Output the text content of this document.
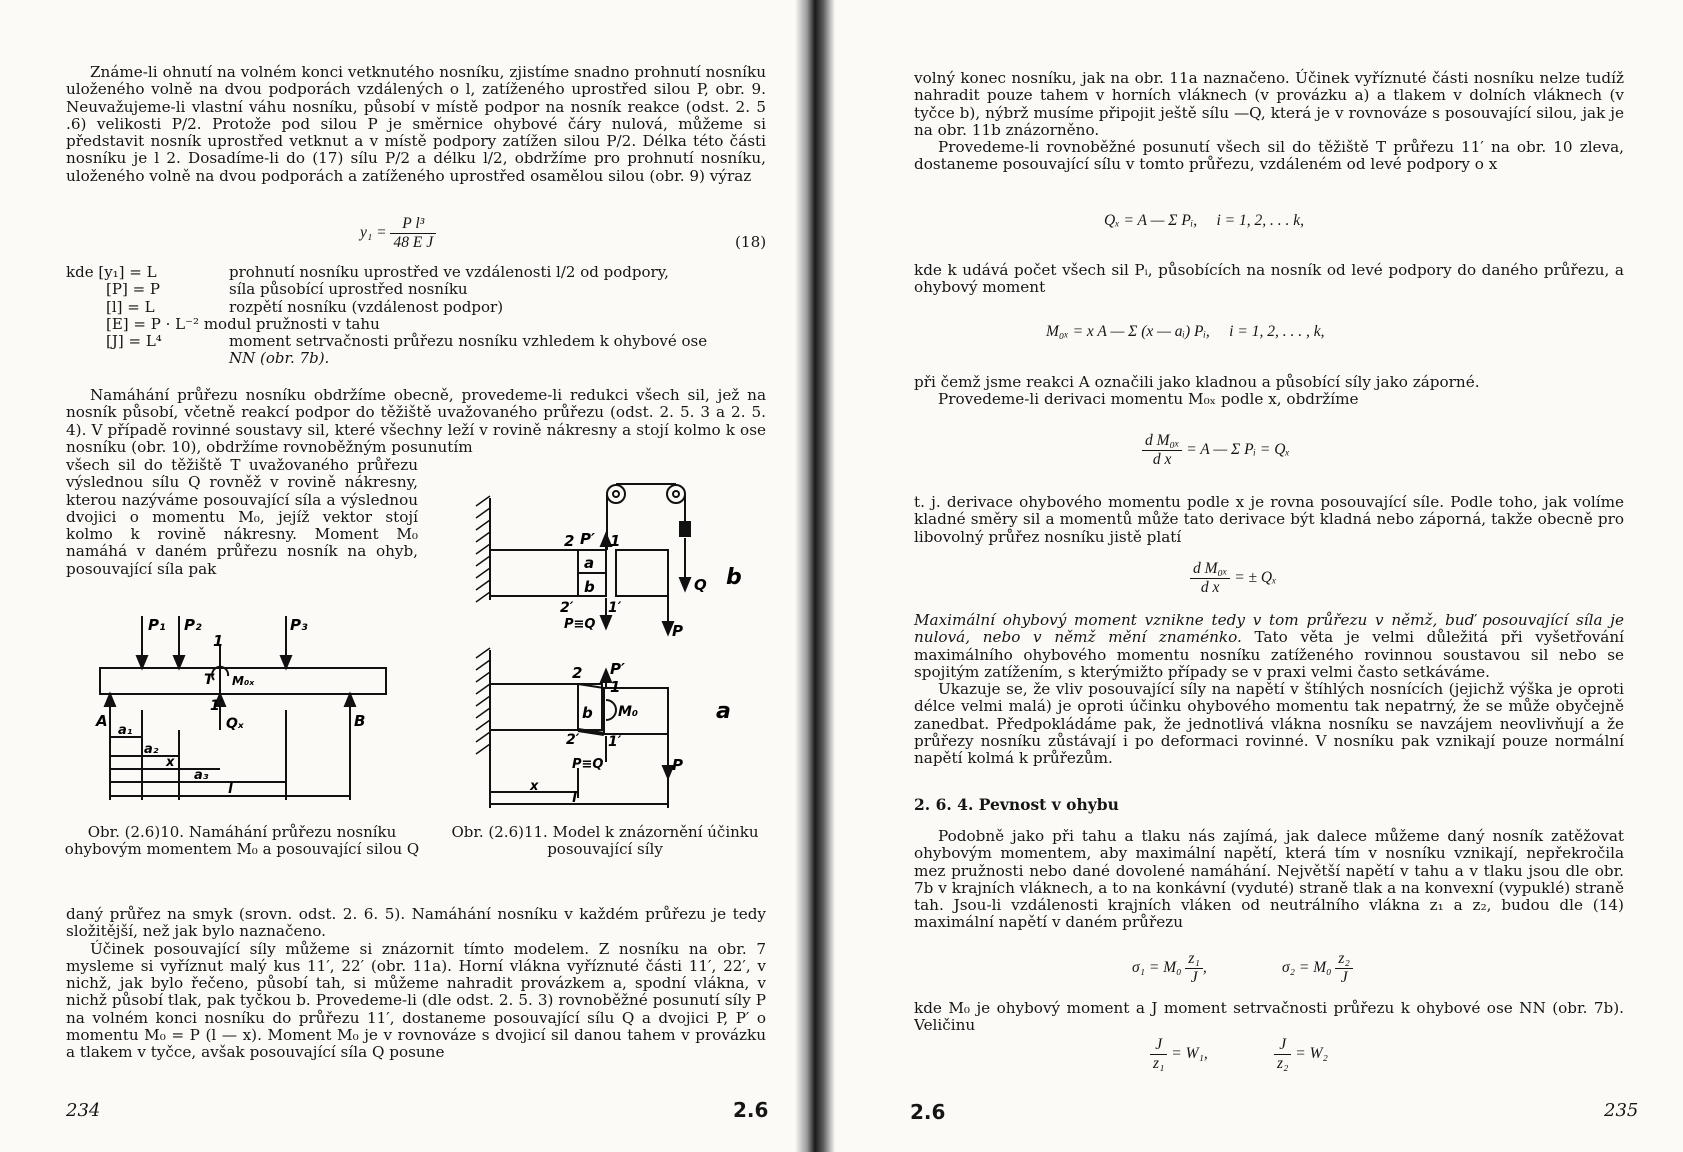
Známe-li ohnutí na volném konci vetknutého nosníku, zjistíme snadno prohnutí nosníku uloženého volně na dvou podporách vzdálených o l, zatíženého uprostřed silou P, obr. 9. Neuvažujeme-li vlastní váhu nosníku, působí v místě podpor na nosník reakce (odst. 2. 5 .6) velikosti P/2. Protože pod silou P je směrnice ohybové čáry nulová, můžeme si představit nosník uprostřed vetknut a v místě podpory zatížen silou P/2. Délka této části nosníku je l 2. Dosadíme-li do (17) sílu P/2 a délku l/2, obdržíme pro prohnutí nosníku, uloženého volně na dvou podporách a zatíženého uprostřed osamělou silou (obr. 9) výraz

$y_1 = \frac{\text{P l³}}{\text{48 E J}}$	(18)
kde [y₁] = L	prohnutí nosníku uprostřed ve vzdálenosti l/2 od podpory,
[P] = P	síla působící uprostřed nosníku
[l] = L	rozpětí nosníku (vzdálenost podpor)
[E] = P · L⁻² modul pružnosti v tahu
[J] = L⁴	moment setrvačnosti průřezu nosníku vzhledem k ohybové ose
NN (obr. 7b).

Namáhání průřezu nosníku obdržíme obecně, provedeme-li redukci všech sil, jež na nosník působí, včetně reakcí podpor do těžiště uvažovaného průřezu (odst. 2. 5. 3 a 2. 5. 4). V případě rovinné soustavy sil, které všechny leží v rovině nákresny a stojí kolmo k ose nosníku (obr. 10), obdržíme rovnoběžným posunutím

všech sil do těžiště T uvažovaného průřezu výslednou sílu Q rovněž v rovině nákresny, kterou nazýváme posouvající síla a výslednou dvojici o momentu M₀, jejíž vektor stojí kolmo k rovině nákresny. Moment M₀ namáhá v daném průřezu nosník na ohyb, posouvající síla pak

P₁ P₂	P₃
1
1′
T M₀ₓ
Qₓ
A	B
a₁
a₂
x
a₃
l
2 P′ 1
a
b
2′ 1′
P≡Q
Q b
P
2 P′
1
b M₀
2′ 1′
P≡Q
a
P
x
l
Obr. (2.6)10. Namáhání průřezu nosníku ohybovým momentem M₀ a posouvající silou Q
Obr. (2.6)11. Model k znázornění účinku posouvající síly

daný průřez na smyk (srovn. odst. 2. 6. 5). Namáhání nosníku v každém průřezu je tedy složitější, než jak bylo naznačeno.

Účinek posouvající síly můžeme si znázornit tímto modelem. Z nosníku na obr. 7 mysleme si vyříznut malý kus 11′, 22′ (obr. 11a). Horní vlákna vyříznuté části 11′, 22′, v nichž, jak bylo řečeno, působí tah, si můžeme nahradit provázkem a, spodní vlákna, v nichž působí tlak, pak tyčkou b. Provedeme-li (dle odst. 2. 5. 3) rovnoběžné posunutí síly P na volném konci nosníku do průřezu 11′, dostaneme posouvající sílu Q a dvojici P, P′ o momentu M₀ = P (l — x). Moment M₀ je v rovnováze s dvojicí sil danou tahem v provázku a tlakem v tyčce, avšak posouvající síla Q posune

234	2.6

volný konec nosníku, jak na obr. 11a naznačeno. Účinek vyříznuté části nosníku nelze tudíž nahradit pouze tahem v horních vláknech (v provázku a) a tlakem v dolních vláknech (v tyčce b), nýbrž musíme připojit ještě sílu —Q, která je v rovnováze s posouvající silou, jak je na obr. 11b znázorněno.

Provedeme-li rovnoběžné posunutí všech sil do těžiště T průřezu 11′ na obr. 10 zleva, dostaneme posouvající sílu v tomto průřezu, vzdáleném od levé podpory o x

Qₓ = A — Σ Pᵢ,     i = 1, 2, . . . k,

kde k udává počet všech sil Pᵢ, působících na nosník od levé podpory do daného průřezu, a ohybový moment

M₀ₓ = x A — Σ (x — aᵢ) Pᵢ,     i = 1, 2, . . . , k,

při čemž jsme reakci A označili jako kladnou a působící síly jako záporné.

Provedeme-li derivaci momentu M₀ₓ podle x, obdržíme

$\frac{\text{d M₀ₓ}}{\text{d x}} = A$ — Σ Pᵢ = Qₓ

t. j. derivace ohybového momentu podle x je rovna posouvající síle. Podle toho, jak volíme kladné směry sil a momentů může tato derivace být kladná nebo záporná, takže obecně pro libovolný průřez nosníku jistě platí

$\frac{\text{d M₀ₓ}}{\text{d x}}$ = ± Qₓ

Maximální ohybový moment vznikne tedy v tom průřezu v němž, buď posouvající síla je nulová, nebo v němž mění znaménko. Tato věta je velmi důležitá při vyšetřování maximálního ohybového momentu nosníku zatíženého rovinnou soustavou sil nebo se spojitým zatížením, s kterýmižto případy se v praxi velmi často setkáváme.

Ukazuje se, že vliv posouvající síly na napětí v štíhlých nosnících (jejichž výška je oproti délce velmi malá) je oproti účinku ohybového momentu tak nepatrný, že se může obyčejně zanedbat. Předpokládáme pak, že jednotlivá vlákna nosníku se navzájem neovlivňují a že průřezy nosníku zůstávají i po deformaci rovinné. V nosníku pak vznikají pouze normální napětí kolmá k průřezům.

2. 6. 4. Pevnost v ohybu

Podobně jako při tahu a tlaku nás zajímá, jak dalece můžeme daný nosník zatěžovat ohybovým momentem, aby maximální napětí, která tím v nosníku vznikají, nepřekročila mez pružnosti nebo dané dovolené namáhání. Největší napětí v tahu a v tlaku jsou dle obr. 7b v krajních vláknech, a to na konkávní (vyduté) straně tlak a na konvexní (vypuklé) straně tah. Jsou-li vzdálenosti krajních vláken od neutrálního vlákna z₁ a z₂, budou dle (14) maximální napětí v daném průřezu

$\sigma_1 = M_0 \frac{\text{z₁}}{J}$ ,	$\sigma_2 = M_0 \frac{\text{z₂}}{J}$

kde M₀ je ohybový moment a J moment setrvačnosti průřezu k ohybové ose NN (obr. 7b). Veličinu

$\frac{J}{\text{z₁}} = W_1$,	$\frac{J}{\text{z₂}} = W_2$
2.6	235
